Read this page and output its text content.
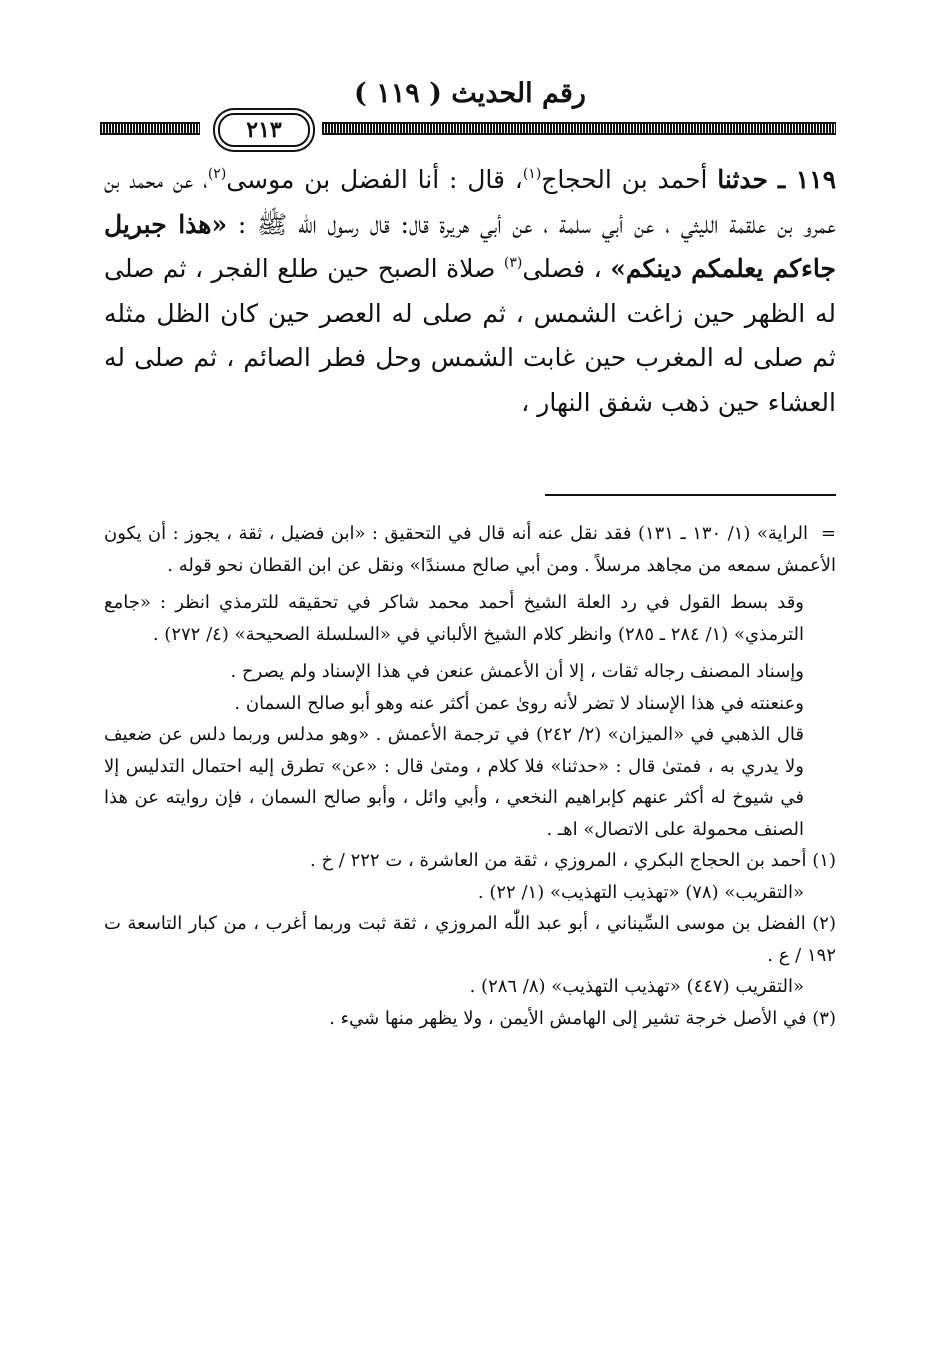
رقم الحديث ( ١١٩ )
٢١٣
١١٩ ـ حدثنا أحمد بن الحجاج$^{(١)}$، قال : أنا الفضل بن موسى$^{(٢)}$، عن محمد بن عمرو بن علقمة الليثي ، عن أبي سلمة ، عن أبي هريرة قال: قال رسول اللّٰه ﷺ : «هذا جبريل جاءكم يعلمكم دينكم» ، فصلى$^{(٣)}$ صلاة الصبح حين طلع الفجر ، ثم صلى له الظهر حين زاغت الشمس ، ثم صلى له العصر حين كان الظل مثله ثم صلى له المغرب حين غابت الشمس وحل فطر الصائم ، ثم صلى له العشاء حين ذهب شفق النهار ،

=الراية» (١/ ١٣٠ ـ ١٣١) فقد نقل عنه أنه قال في التحقيق : «ابن فضيل ، ثقة ، يجوز : أن يكون الأعمش سمعه من مجاهد مرسلاً . ومن أبي صالح مسندًا» ونقل عن ابن القطان نحو قوله .

وقد بسط القول في رد العلة الشيخ أحمد محمد شاكر في تحقيقه للترمذي انظر : «جامع الترمذي» (١/ ٢٨٤ ـ ٢٨٥) وانظر كلام الشيخ الألباني في «السلسلة الصحيحة» (٤/ ٢٧٢) .

وإسناد المصنف رجاله ثقات ، إلا أن الأعمش عنعن في هذا الإسناد ولم يصرح .

وعنعنته في هذا الإسناد لا تضر لأنه روىٰ عمن أكثر عنه وهو أبو صالح السمان .

قال الذهبي في «الميزان» (٢/ ٢٤٢) في ترجمة الأعمش . «وهو مدلس وربما دلس عن ضعيف ولا يدري به ، فمتىٰ قال : «حدثنا» فلا كلام ، ومتىٰ قال : «عن» تطرق إليه احتمال التدليس إلا في شيوخ له أكثر عنهم كإبراهيم النخعي ، وأبي وائل ، وأبو صالح السمان ، فإن روايته عن هذا الصنف محمولة على الاتصال» اهـ .

(١) أحمد بن الحجاج البكري ، المروزي ، ثقة من العاشرة ، ت ٢٢٢ / خ .

«التقريب» (٧٨) «تهذيب التهذيب» (١/ ٢٢) .

(٢) الفضل بن موسى السِّيناني ، أبو عبد اللّٰه المروزي ، ثقة ثبت وربما أغرب ، من كبار التاسعة ت ١٩٢ / ع .

«التقريب (٤٤٧) «تهذيب التهذيب» (٨/ ٢٨٦) .

(٣) في الأصل خرجة تشير إلى الهامش الأيمن ، ولا يظهر منها شيء .
